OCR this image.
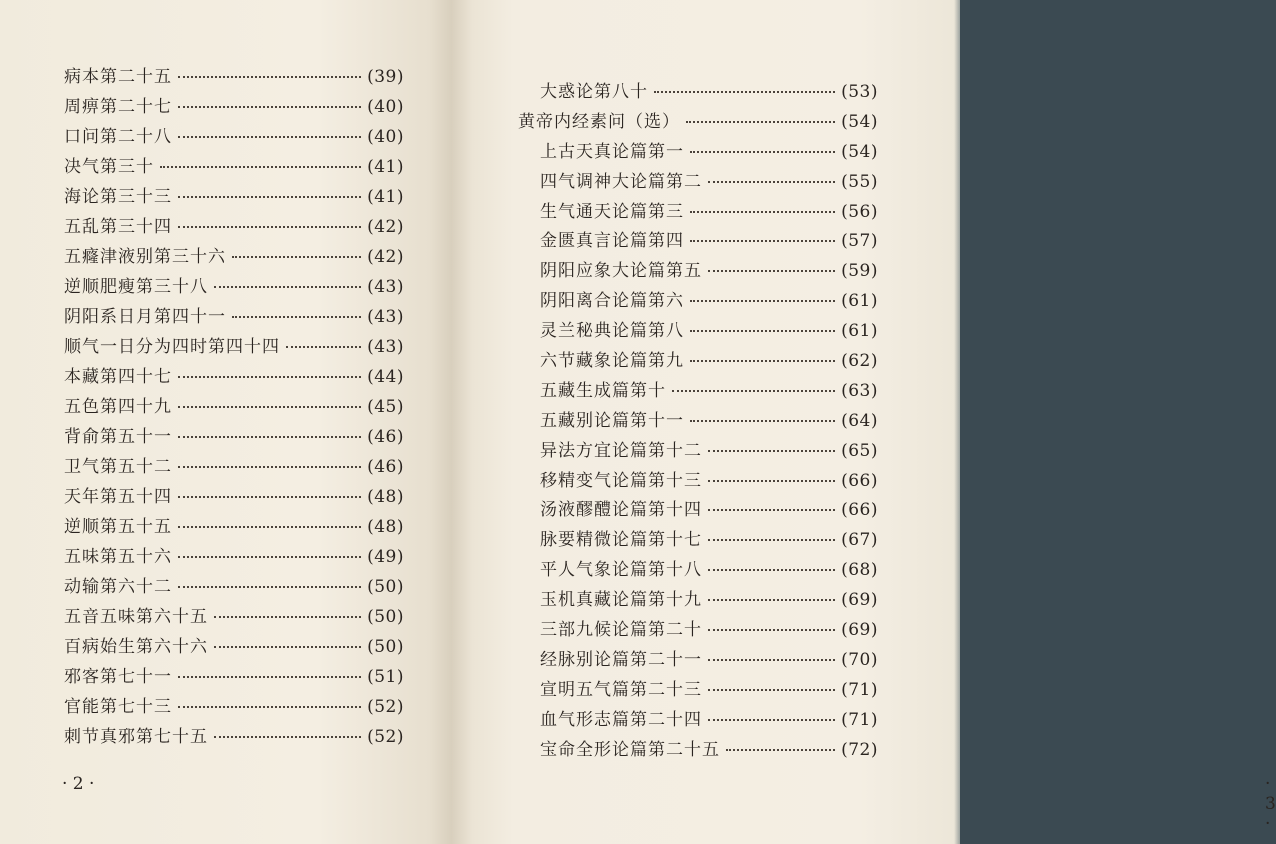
病本第二十五	(39)
周痹第二十七	(40)
口问第二十八	(40)
决气第三十	(41)
海论第三十三	(41)
五乱第三十四	(42)
五癃津液别第三十六	(42)
逆顺肥瘦第三十八	(43)
阴阳系日月第四十一	(43)
顺气一日分为四时第四十四	(43)
本藏第四十七	(44)
五色第四十九	(45)
背俞第五十一	(46)
卫气第五十二	(46)
天年第五十四	(48)
逆顺第五十五	(48)
五味第五十六	(49)
动输第六十二	(50)
五音五味第六十五	(50)
百病始生第六十六	(50)
邪客第七十一	(51)
官能第七十三	(52)
刺节真邪第七十五	(52)
· 2 ·	· 3 ·
大惑论第八十	(53)
黄帝内经素问（选）	(54)
上古天真论篇第一	(54)
四气调神大论篇第二	(55)
生气通天论篇第三	(56)
金匮真言论篇第四	(57)
阴阳应象大论篇第五	(59)
阴阳离合论篇第六	(61)
灵兰秘典论篇第八	(61)
六节藏象论篇第九	(62)
五藏生成篇第十	(63)
五藏别论篇第十一	(64)
异法方宜论篇第十二	(65)
移精变气论篇第十三	(66)
汤液醪醴论篇第十四	(66)
脉要精微论篇第十七	(67)
平人气象论篇第十八	(68)
玉机真藏论篇第十九	(69)
三部九候论篇第二十	(69)
经脉别论篇第二十一	(70)
宣明五气篇第二十三	(71)
血气形志篇第二十四	(71)
宝命全形论篇第二十五	(72)
